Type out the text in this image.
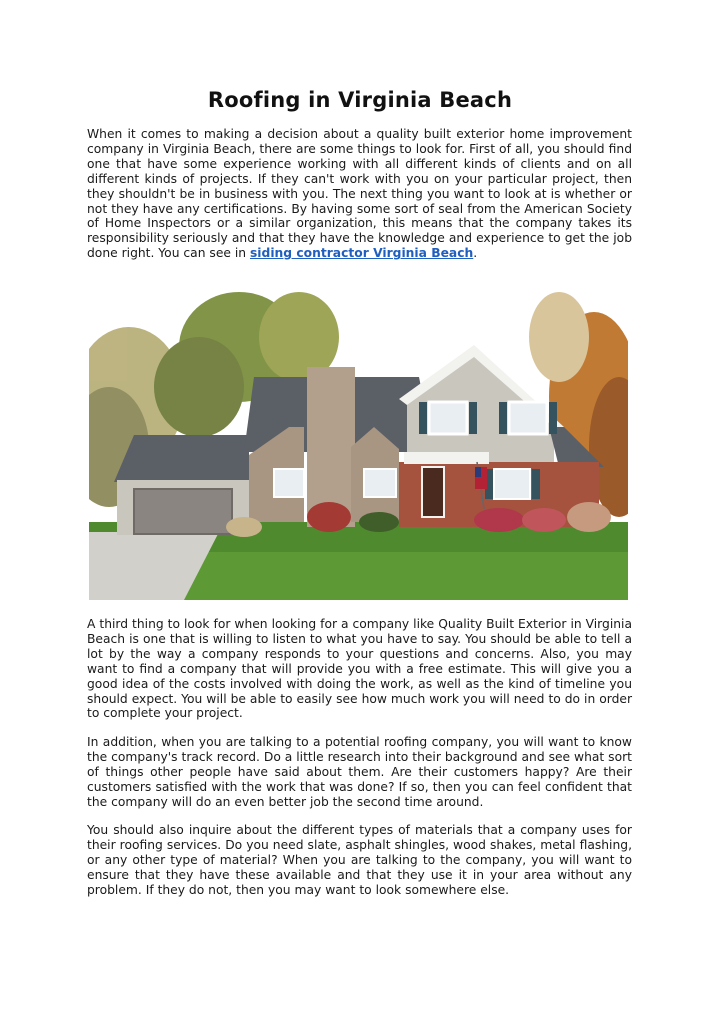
Roofing in Virginia Beach

When it comes to making a decision about a quality built exterior home improvement company in Virginia Beach, there are some things to look for. First of all, you should find one that have some experience working with all different kinds of clients and on all different kinds of projects. If they can't work with you on your particular project, then they shouldn't be in business with you. The next thing you want to look at is whether or not they have any certifications. By having some sort of seal from the American Society of Home Inspectors or a similar organization, this means that the company takes its responsibility seriously and that they have the knowledge and experience to get the job done right. You can see in siding contractor Virginia Beach.

A third thing to look for when looking for a company like Quality Built Exterior in Virginia Beach is one that is willing to listen to what you have to say. You should be able to tell a lot by the way a company responds to your questions and concerns. Also, you may want to find a company that will provide you with a free estimate. This will give you a good idea of the costs involved with doing the work, as well as the kind of timeline you should expect. You will be able to easily see how much work you will need to do in order to complete your project.

In addition, when you are talking to a potential roofing company, you will want to know the company's track record. Do a little research into their background and see what sort of things other people have said about them. Are their customers happy? Are their customers satisfied with the work that was done? If so, then you can feel confident that the company will do an even better job the second time around.

You should also inquire about the different types of materials that a company uses for their roofing services. Do you need slate, asphalt shingles, wood shakes, metal flashing, or any other type of material? When you are talking to the company, you will want to ensure that they have these available and that they use it in your area without any problem. If they do not, then you may want to look somewhere else.
